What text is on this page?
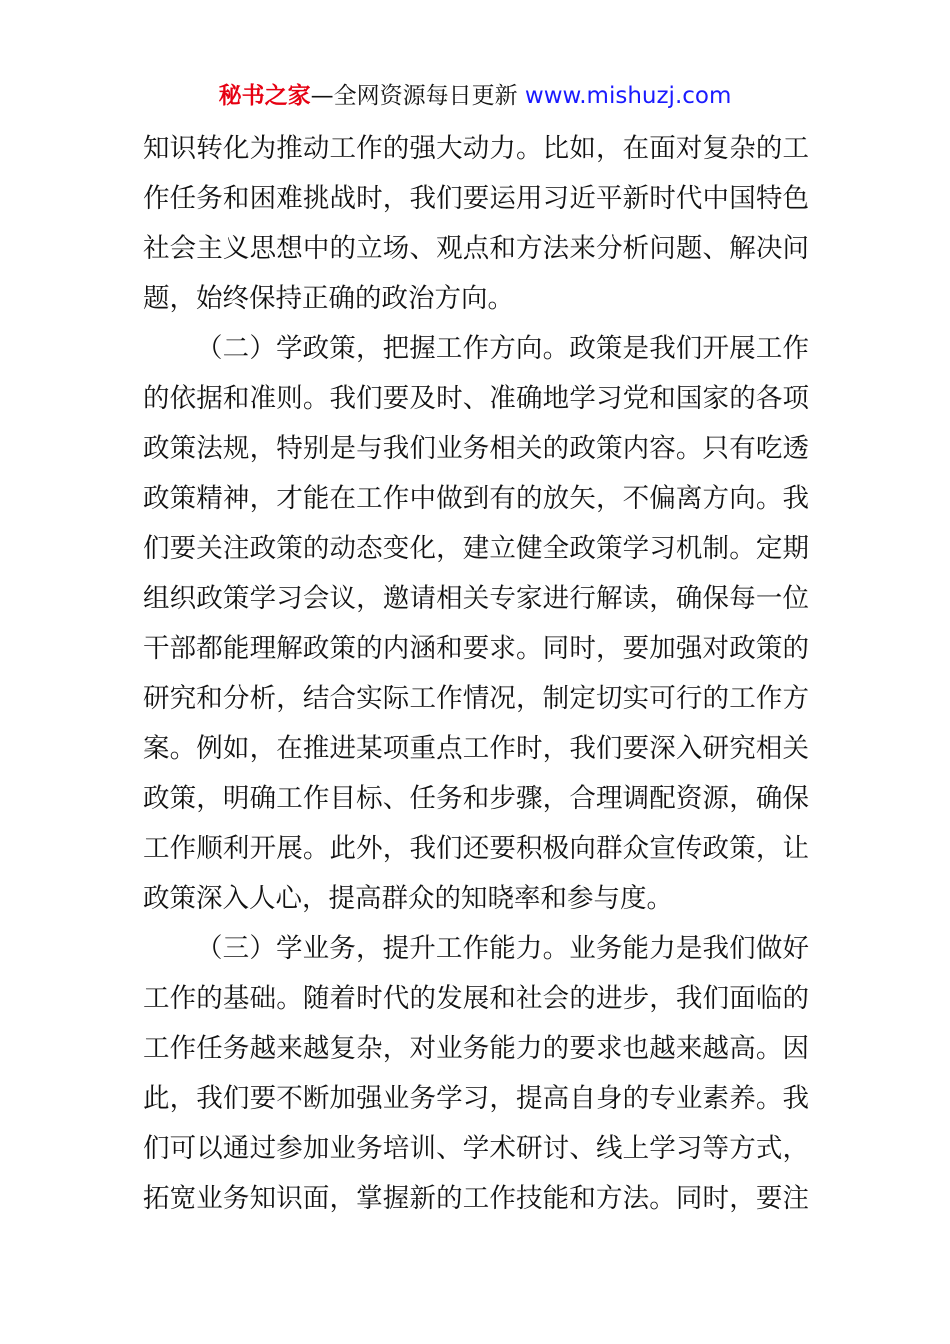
秘书之家—全网资源每日更新 www.mishuzj.com
知识转化为推动工作的强大动力。比如，在面对复杂的工
作任务和困难挑战时，我们要运用习近平新时代中国特色
社会主义思想中的立场、观点和方法来分析问题、解决问
题，始终保持正确的政治方向。
（二）学政策，把握工作方向。政策是我们开展工作
的依据和准则。我们要及时、准确地学习党和国家的各项
政策法规，特别是与我们业务相关的政策内容。只有吃透
政策精神，才能在工作中做到有的放矢，不偏离方向。我
们要关注政策的动态变化，建立健全政策学习机制。定期
组织政策学习会议，邀请相关专家进行解读，确保每一位
干部都能理解政策的内涵和要求。同时，要加强对政策的
研究和分析，结合实际工作情况，制定切实可行的工作方
案。例如，在推进某项重点工作时，我们要深入研究相关
政策，明确工作目标、任务和步骤，合理调配资源，确保
工作顺利开展。此外，我们还要积极向群众宣传政策，让
政策深入人心，提高群众的知晓率和参与度。
（三）学业务，提升工作能力。业务能力是我们做好
工作的基础。随着时代的发展和社会的进步，我们面临的
工作任务越来越复杂，对业务能力的要求也越来越高。因
此，我们要不断加强业务学习，提高自身的专业素养。我
们可以通过参加业务培训、学术研讨、线上学习等方式，
拓宽业务知识面，掌握新的工作技能和方法。同时，要注
